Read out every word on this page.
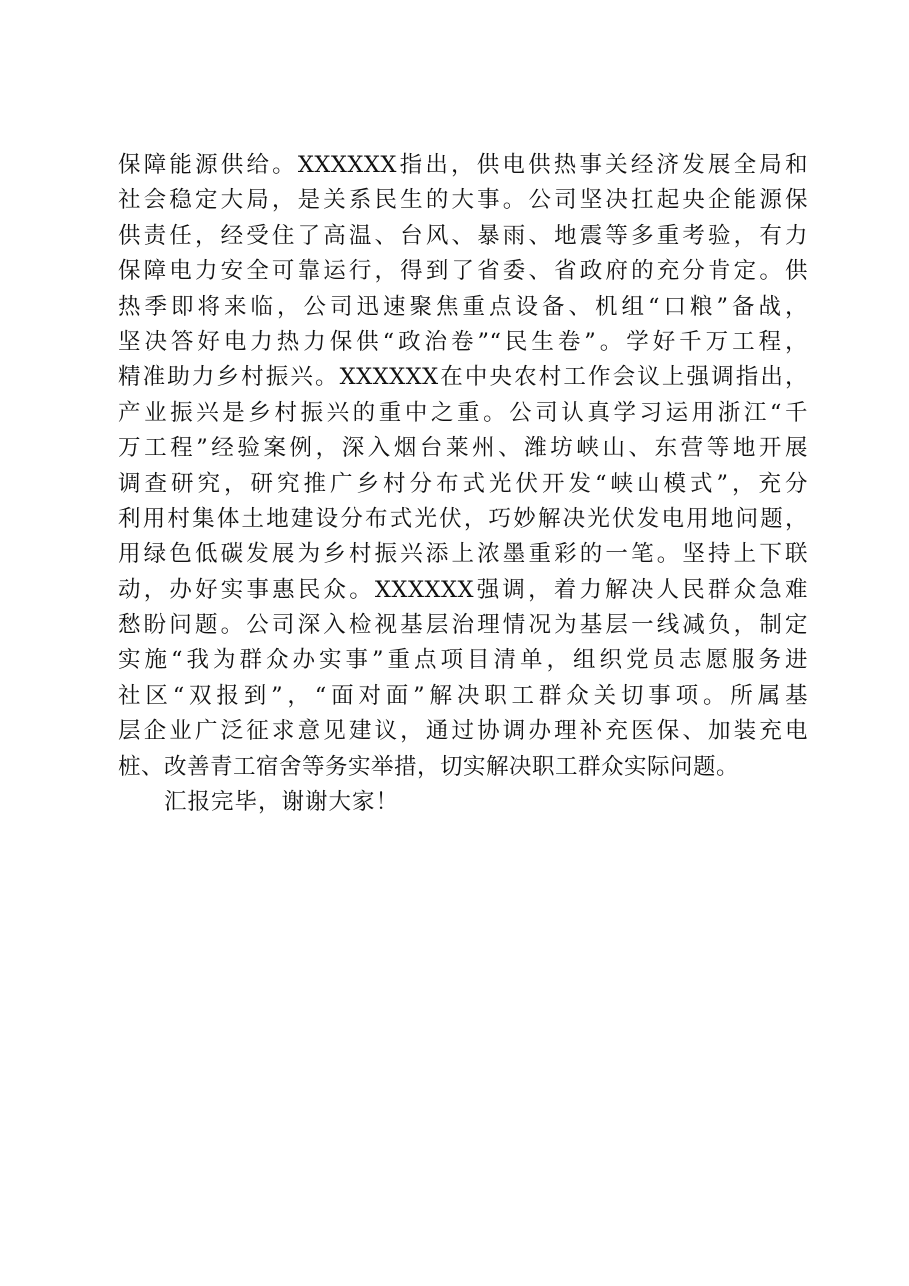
保障能源供给。XXXXXX指出，供电供热事关经济发展全局和
社会稳定大局，是关系民生的大事。公司坚决扛起央企能源保
供责任，经受住了高温、台风、暴雨、地震等多重考验，有力
保障电力安全可靠运行，得到了省委、省政府的充分肯定。供
热季即将来临，公司迅速聚焦重点设备、机组“口粮”备战，
坚决答好电力热力保供“政治卷”“民生卷”。学好千万工程，
精准助力乡村振兴。XXXXXX在中央农村工作会议上强调指出，
产业振兴是乡村振兴的重中之重。公司认真学习运用浙江“千
万工程”经验案例，深入烟台莱州、潍坊峡山、东营等地开展
调查研究，研究推广乡村分布式光伏开发“峡山模式”，充分
利用村集体土地建设分布式光伏，巧妙解决光伏发电用地问题，
用绿色低碳发展为乡村振兴添上浓墨重彩的一笔。坚持上下联
动，办好实事惠民众。XXXXXX强调，着力解决人民群众急难
愁盼问题。公司深入检视基层治理情况为基层一线减负，制定
实施“我为群众办实事”重点项目清单，组织党员志愿服务进
社区“双报到”，“面对面”解决职工群众关切事项。所属基
层企业广泛征求意见建议，通过协调办理补充医保、加装充电
桩、改善青工宿舍等务实举措，切实解决职工群众实际问题。
汇报完毕，谢谢大家！
